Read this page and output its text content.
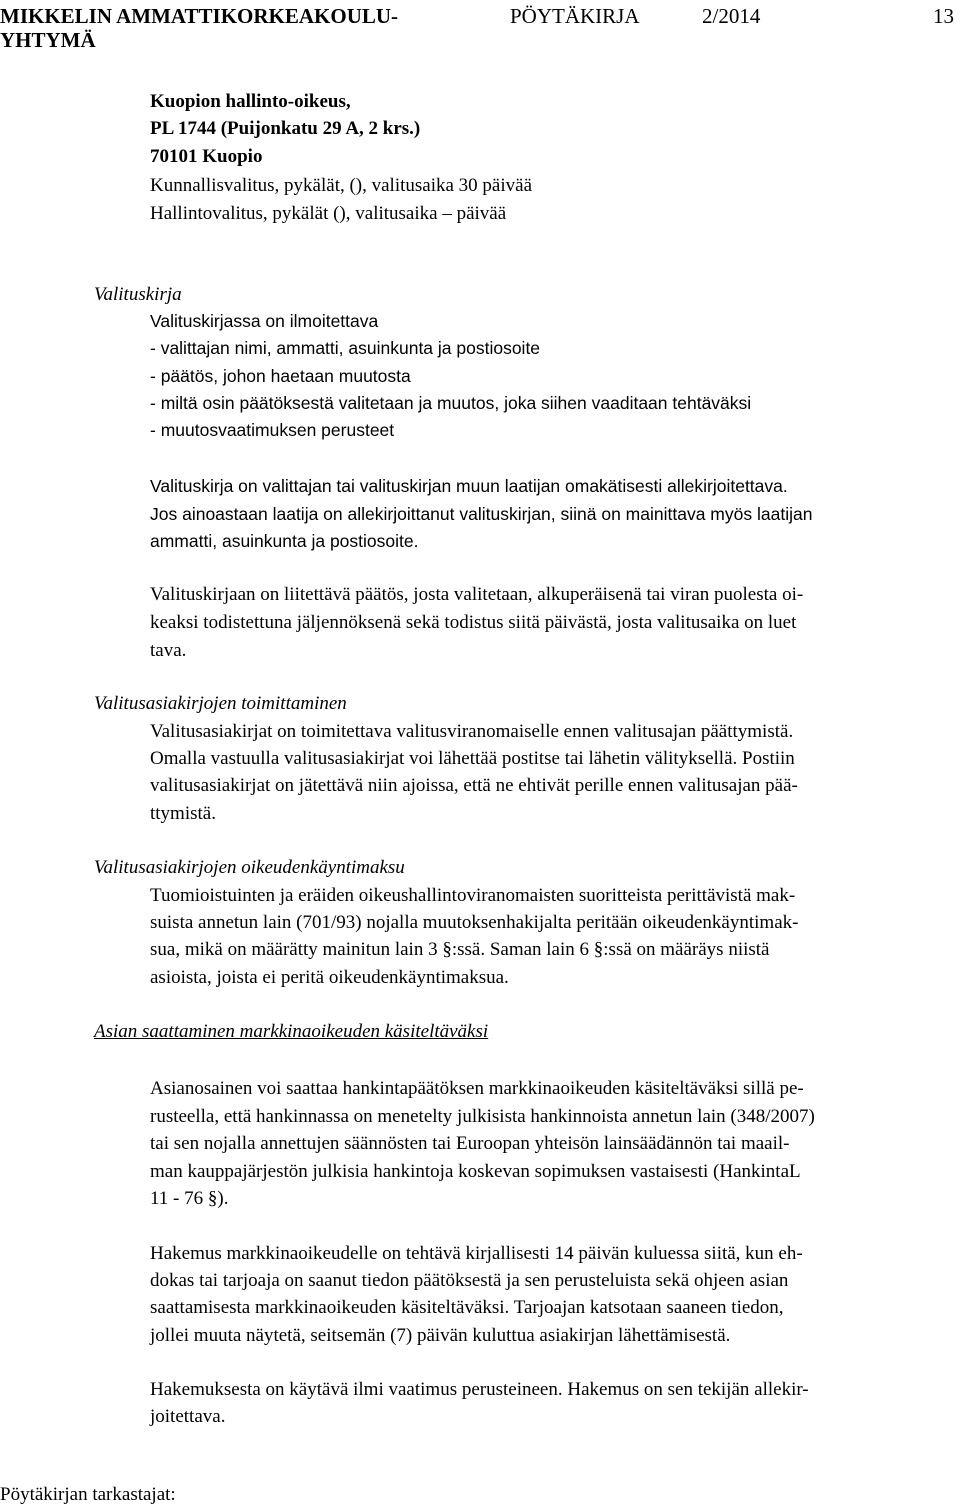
MIKKELIN AMMATTIKORKEAKOULU-
YHTYMÄ
PÖYTÄKIRJA	2/2014	13
Kuopion hallinto-oikeus,
PL 1744 (Puijonkatu 29 A, 2 krs.)
70101 Kuopio
Kunnallisvalitus, pykälät, (), valitusaika 30 päivää
Hallintovalitus, pykälät (), valitusaika – päivää
Valituskirja
Valituskirjassa on ilmoitettava
- valittajan nimi, ammatti, asuinkunta ja postiosoite
- päätös, johon haetaan muutosta
- miltä osin päätöksestä valitetaan ja muutos, joka siihen vaaditaan tehtäväksi
- muutosvaatimuksen perusteet
Valituskirja on valittajan tai valituskirjan muun laatijan omakätisesti allekirjoitettava.
Jos ainoastaan laatija on allekirjoittanut valituskirjan, siinä on mainittava myös laatijan
ammatti, asuinkunta ja postiosoite.
Valituskirjaan on liitettävä päätös, josta valitetaan, alkuperäisenä tai viran puolesta oi-
keaksi todistettuna jäljennöksenä sekä todistus siitä päivästä, josta valitusaika on luet
tava.
Valitusasiakirjojen toimittaminen
Valitusasiakirjat on toimitettava valitusviranomaiselle ennen valitusajan päättymistä.
Omalla vastuulla valitusasiakirjat voi lähettää postitse tai lähetin välityksellä. Postiin
valitusasiakirjat on jätettävä niin ajoissa, että ne ehtivät perille ennen valitusajan pää-
ttymistä.
Valitusasiakirjojen oikeudenkäyntimaksu
Tuomioistuinten ja eräiden oikeushallintoviranomaisten suoritteista perittävistä mak-
suista annetun lain (701/93) nojalla muutoksenhakijalta peritään oikeudenkäyntimak-
sua, mikä on määrätty mainitun lain 3 §:ssä. Saman lain 6 §:ssä on määräys niistä
asioista, joista ei peritä oikeudenkäyntimaksua.
Asian saattaminen markkinaoikeuden käsiteltäväksi
Asianosainen voi saattaa hankintapäätöksen markkinaoikeuden käsiteltäväksi sillä pe-
rusteella, että hankinnassa on menetelty julkisista hankinnoista annetun lain (348/2007)
tai sen nojalla annettujen säännösten tai Euroopan yhteisön lainsäädännön tai maail-
man kauppajärjestön julkisia hankintoja koskevan sopimuksen vastaisesti (HankintaL
11 - 76 §).
Hakemus markkinaoikeudelle on tehtävä kirjallisesti 14 päivän kuluessa siitä, kun eh-
dokas tai tarjoaja on saanut tiedon päätöksestä ja sen perusteluista sekä ohjeen asian
saattamisesta markkinaoikeuden käsiteltäväksi. Tarjoajan katsotaan saaneen tiedon,
jollei muuta näytetä, seitsemän (7) päivän kuluttua asiakirjan lähettämisestä.
Hakemuksesta on käytävä ilmi vaatimus perusteineen. Hakemus on sen tekijän allekir-
joitettava.
Pöytäkirjan tarkastajat:
